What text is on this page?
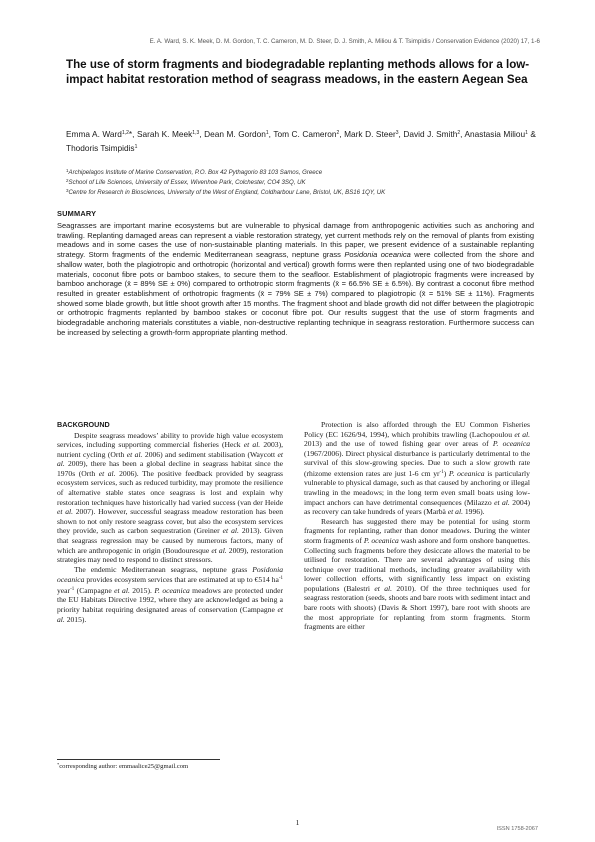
E. A. Ward, S. K. Meek, D. M. Gordon, T. C. Cameron, M. D. Steer, D. J. Smith, A. Miliou & T. Tsimpidis / Conservation Evidence (2020) 17, 1-6
The use of storm fragments and biodegradable replanting methods allows for a low-impact habitat restoration method of seagrass meadows, in the eastern Aegean Sea
Emma A. Ward$^{1,2}$*, Sarah K. Meek$^{1,3}$, Dean M. Gordon$^1$, Tom C. Cameron$^2$, Mark D. Steer$^3$, David J. Smith$^2$, Anastasia Miliou$^1$ & Thodoris Tsimpidis$^1$
$^1$Archipelagos Institute of Marine Conservation, P.O. Box 42 Pythagorio 83 103 Samos, Greece
$^2$School of Life Sciences, University of Essex, Wivenhoe Park, Colchester, CO4 3SQ, UK
$^3$Centre for Research in Biosciences, University of the West of England, Coldharbour Lane, Bristol, UK, BS16 1QY, UK
SUMMARY
Seagrasses are important marine ecosystems but are vulnerable to physical damage from anthropogenic activities such as anchoring and trawling. Replanting damaged areas can represent a viable restoration strategy, yet current methods rely on the removal of plants from existing meadows and in some cases the use of non-sustainable planting materials. In this paper, we present evidence of a sustainable replanting strategy. Storm fragments of the endemic Mediterranean seagrass, neptune grass Posidonia oceanica were collected from the shore and shallow water, both the plagiotropic and orthotropic (horizontal and vertical) growth forms were then replanted using one of two biodegradable materials, coconut fibre pots or bamboo stakes, to secure them to the seafloor. Establishment of plagiotropic fragments were increased by bamboo anchorage (x̄ = 89% SE ± 0%) compared to orthotropic storm fragments (x̄ = 66.5% SE ± 6.5%). By contrast a coconut fibre method resulted in greater establishment of orthotropic fragments (x̄ = 79% SE ± 7%) compared to plagiotropic (x̄ = 51% SE ± 11%). Fragments showed some blade growth, but little shoot growth after 15 months. The fragment shoot and blade growth did not differ between the plagiotropic or orthotropic fragments replanted by bamboo stakes or coconut fibre pot. Our results suggest that the use of storm fragments and biodegradable anchoring materials constitutes a viable, non-destructive replanting technique in seagrass restoration. Furthermore success can be increased by selecting a growth-form appropriate planting method.
BACKGROUND

Despite seagrass meadows’ ability to provide high value ecosystem services, including supporting commercial fisheries (Heck et al. 2003), nutrient cycling (Orth et al. 2006) and sediment stabilisation (Waycott et al. 2009), there has been a global decline in seagrass habitat since the 1970s (Orth et al. 2006). The positive feedback provided by seagrass ecosystem services, such as reduced turbidity, may promote the resilience of alternative stable states once seagrass is lost and explain why restoration techniques have historically had varied success (van der Heide et al. 2007). However, successful seagrass meadow restoration has been shown to not only restore seagrass cover, but also the ecosystem services they provide, such as carbon sequestration (Greiner et al. 2013). Given that seagrass regression may be caused by numerous factors, many of which are anthropogenic in origin (Boudouresque et al. 2009), restoration strategies may need to respond to distinct stressors.

The endemic Mediterranean seagrass, neptune grass Posidonia oceanica provides ecosystem services that are estimated at up to €514 $ha^{-1}$ year$^{-1}$ (Campagne et al. 2015). P. oceanica meadows are protected under the EU Habitats Directive 1992, where they are acknowledged as being a priority habitat requiring designated areas of conservation (Campagne et al. 2015).

Protection is also afforded through the EU Common Fisheries Policy (EC 1626/94, 1994), which prohibits trawling (Lachopoulou et al. 2013) and the use of towed fishing gear over areas of P. oceanica (1967/2006). Direct physical disturbance is particularly detrimental to the survival of this slow-growing species. Due to such a slow growth rate (rhizome extension rates are just 1-6 cm $yr^{-1}$) P. oceanica is particularly vulnerable to physical damage, such as that caused by anchoring or illegal trawling in the meadows; in the long term even small boats using low-impact anchors can have detrimental consequences (Milazzo et al. 2004) as recovery can take hundreds of years (Marbà et al. 1996).

Research has suggested there may be potential for using storm fragments for replanting, rather than donor meadows. During the winter storm fragments of P. oceanica wash ashore and form onshore banquettes. Collecting such fragments before they desiccate allows the material to be utilised for restoration. There are several advantages of using this technique over traditional methods, including greater availability with lower collection efforts, with significantly less impact on existing populations (Balestri et al. 2010). Of the three techniques used for seagrass restoration (seeds, shoots and bare roots with sediment intact and bare roots with shoots) (Davis & Short 1997), bare root with shoots are the most appropriate for replanting from storm fragments. Storm fragments are either

*corresponding author: emmaalice25@gmail.com
1
ISSN 1758-2067
